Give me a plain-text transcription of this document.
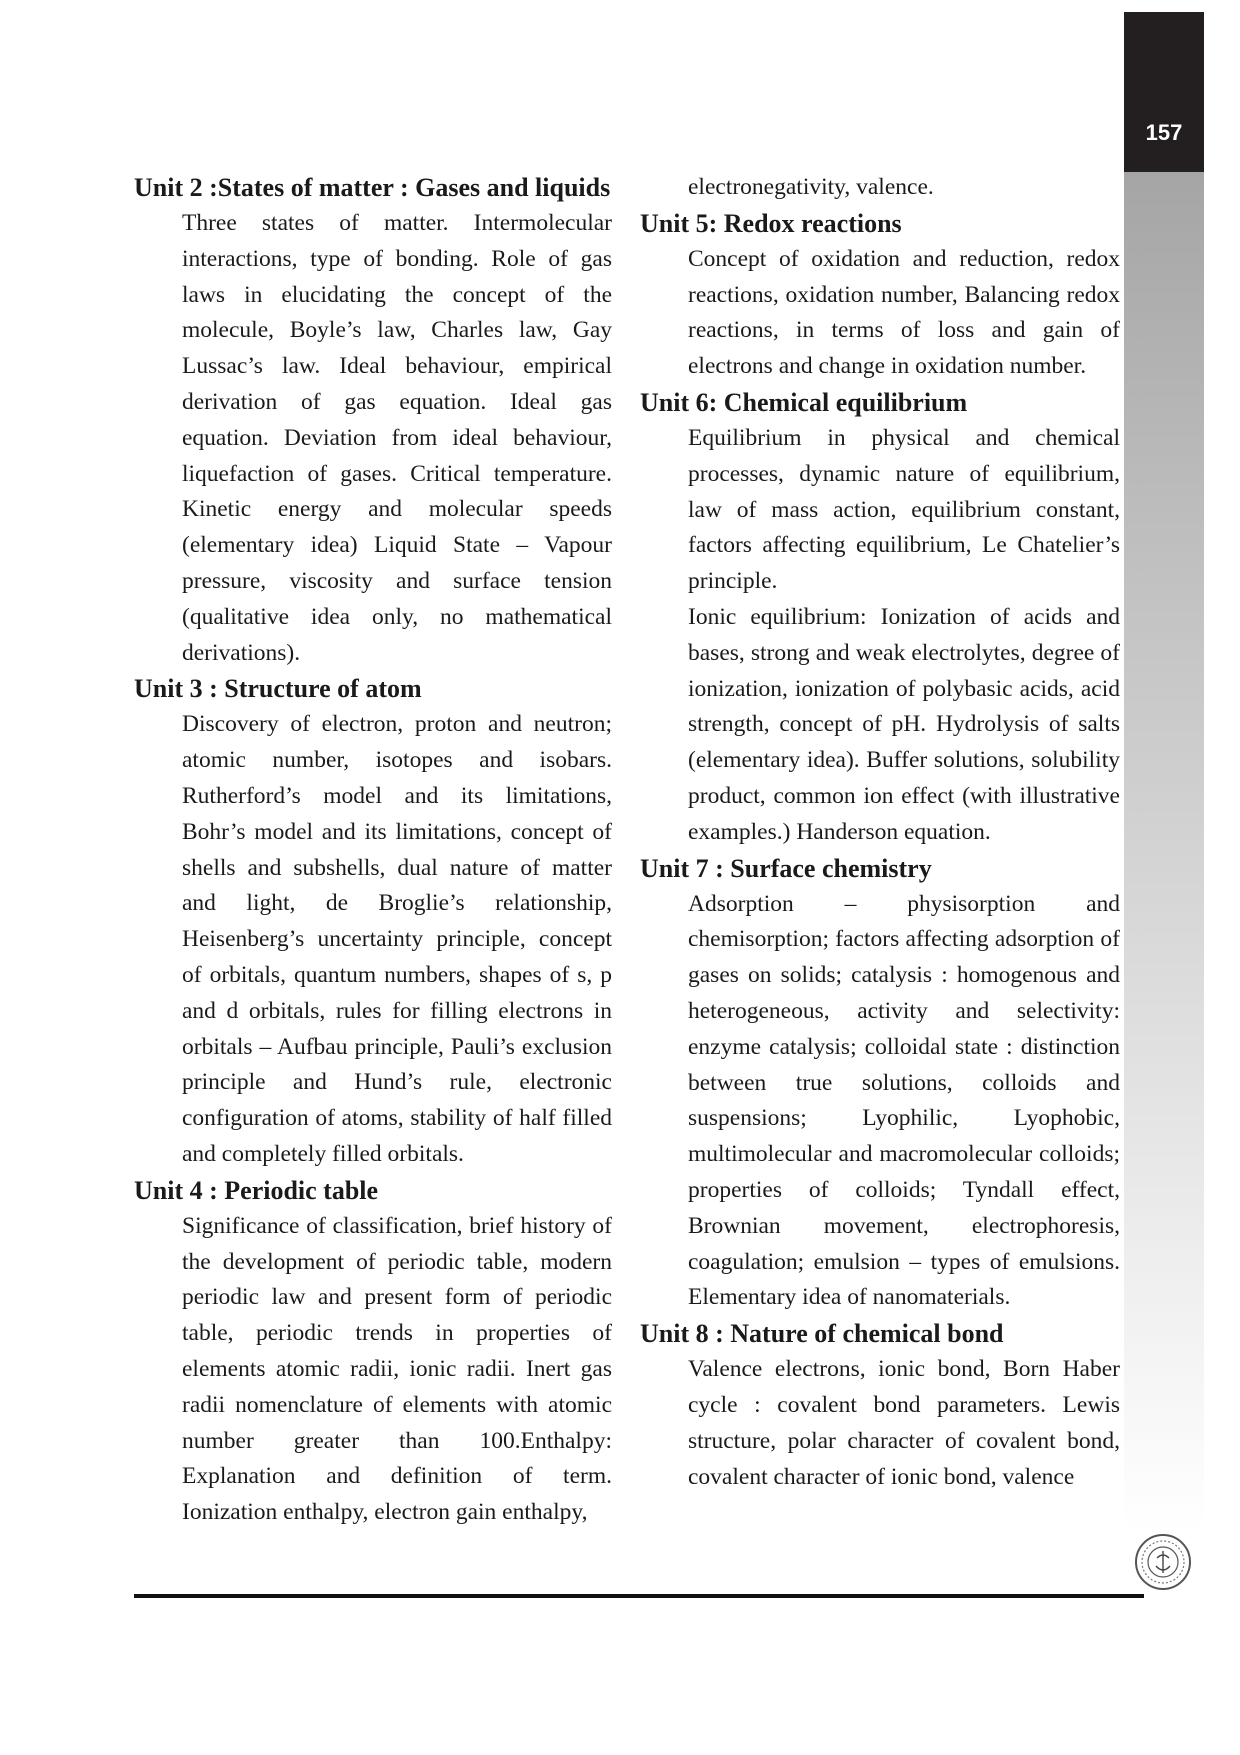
157
Unit 2 :States of matter : Gases and liquids

Three states of matter. Intermolecular interactions, type of bonding. Role of gas laws in elucidating the concept of the molecule, Boyle’s law, Charles law, Gay Lussac’s law. Ideal behaviour, empirical derivation of gas equation. Ideal gas equation. Deviation from ideal behaviour, liquefaction of gases. Critical temperature. Kinetic energy and molecular speeds (elementary idea) Liquid State – Vapour pressure, viscosity and surface tension (qualitative idea only, no mathematical derivations).

Unit 3 : Structure of atom

Discovery of electron, proton and neutron; atomic number, isotopes and isobars. Rutherford’s model and its limitations, Bohr’s model and its limitations, concept of shells and subshells, dual nature of matter and light, de Broglie’s relationship, Heisenberg’s uncertainty principle, concept of orbitals, quantum numbers, shapes of s, p and d orbitals, rules for filling electrons in orbitals – Aufbau principle, Pauli’s exclusion principle and Hund’s rule, electronic configuration of atoms, stability of half filled and completely filled orbitals.

Unit 4 : Periodic table

Significance of classification, brief history of the development of periodic table, modern periodic law and present form of periodic table, periodic trends in properties of elements atomic radii, ionic radii. Inert gas radii nomenclature of elements with atomic number greater than 100.Enthalpy: Explanation and definition of term. Ionization enthalpy, electron gain enthalpy,

electronegativity, valence.

Unit 5: Redox reactions

Concept of oxidation and reduction, redox reactions, oxidation number, Balancing redox reactions, in terms of loss and gain of electrons and change in oxidation number.

Unit 6: Chemical equilibrium

Equilibrium in physical and chemical processes, dynamic nature of equilibrium, law of mass action, equilibrium constant, factors affecting equilibrium, Le Chatelier’s principle.

Ionic equilibrium: Ionization of acids and bases, strong and weak electrolytes, degree of ionization, ionization of polybasic acids, acid strength, concept of pH. Hydrolysis of salts (elementary idea). Buffer solutions, solubility product, common ion effect (with illustrative examples.) Handerson equation.

Unit 7 : Surface chemistry

Adsorption – physisorption and chemisorption; factors affecting adsorption of gases on solids; catalysis : homogenous and heterogeneous, activity and selectivity: enzyme catalysis; colloidal state : distinction between true solutions, colloids and suspensions; Lyophilic, Lyophobic, multimolecular and macromolecular colloids; properties of colloids; Tyndall effect, Brownian movement, electrophoresis, coagulation; emulsion – types of emulsions. Elementary idea of nanomaterials.

Unit 8 : Nature of chemical bond

Valence electrons, ionic bond, Born Haber cycle : covalent bond parameters. Lewis structure, polar character of covalent bond, covalent character of ionic bond, valence
